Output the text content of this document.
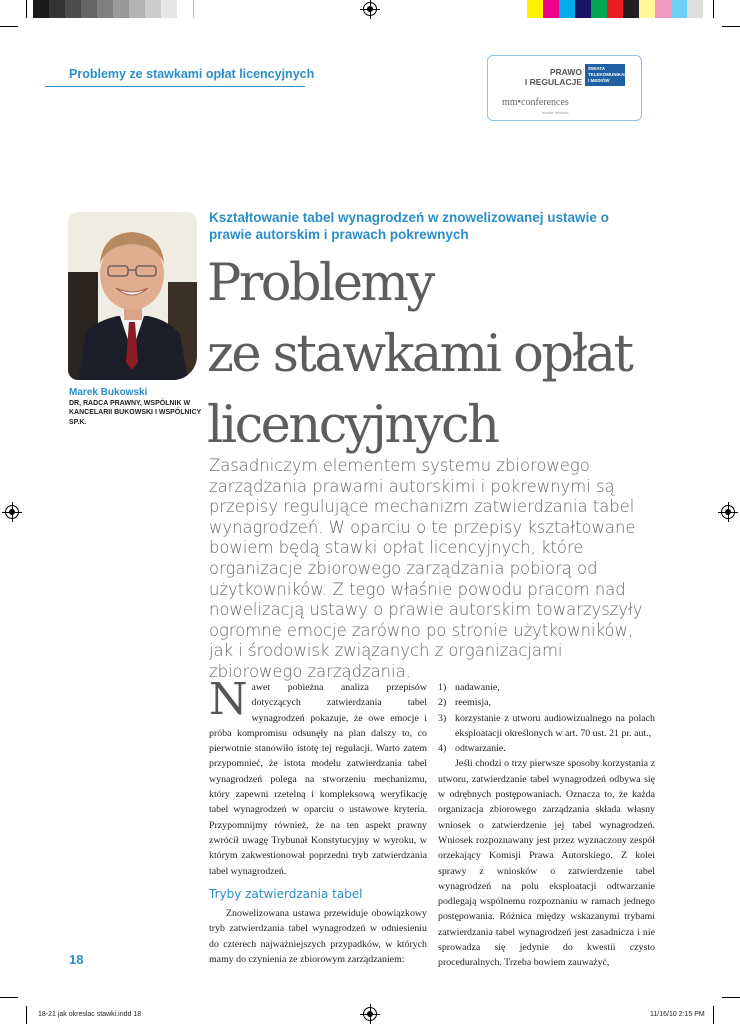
Problemy ze stawkami opłat licencyjnych	PRAWO
I REGULACJE
ŚWIATA TELEKOMUNIKACJI I MEDIÓW
mm•conferences
mobile devices
Marek Bukowski
DR, RADCA PRAWNY, WSPÓLNIK W KANCELARII BUKOWSKI I WSPÓLNICY SP.K.
Kształtowanie tabel wynagrodzeń w znowelizowanej ustawie o prawie autorskim i prawach pokrewnych
Problemy
ze stawkami opłat
licencyjnych
Zasadniczym elementem systemu zbiorowego zarządzania prawami autorskimi i pokrewnymi są przepisy regulujące mechanizm zatwierdzania tabel wynagrodzeń. W oparciu o te przepisy kształtowane bowiem będą stawki opłat licencyjnych, które organizacje zbiorowego zarządzania pobiorą od użytkowników. Z tego właśnie powodu pracom nad nowelizacją ustawy o prawie autorskim towarzyszyły ogromne emocje zarówno po stronie użytkowników, jak i środowisk związanych z organizacjami zbiorowego zarządzania.

Nawet pobieżna analiza przepisów dotyczących zatwierdzania tabel wynagrodzeń pokazuje, że owe emocje i próba kompromisu odsunęły na plan dalszy to, co pierwotnie stanowiło istotę tej regulacji. Warto zatem przypomnieć, że istota modelu zatwierdzania tabel wynagrodzeń polega na stworzeniu mechanizmu, który zapewni rzetelną i kompleksową weryfikację tabel wynagrodzeń w oparciu o ustawowe kryteria. Przypomnijmy również, że na ten aspekt prawny zwrócił uwagę Trybunał Konstytucyjny w wyroku, w którym zakwestionował poprzedni tryb zatwierdzania tabel wynagrodzeń.

Tryby zatwierdzania tabel

Znowelizowana ustawa przewiduje obowiązkowy tryb zatwierdzania tabel wynagrodzeń w odniesieniu do czterech najważniejszych przypadków, w których mamy do czynienia ze zbiorowym zarządzaniem:

1) nadawanie,
2) reemisja,
3) korzystanie z utworu audiowizualnego na polach eksploatacji określonych w art. 70 ust. 21 pr. aut.,
4) odtwarzanie.

Jeśli chodzi o trzy pierwsze sposoby korzystania z utworu, zatwierdzanie tabel wynagrodzeń odbywa się w odrębnych postępowaniach. Oznacza to, że każda organizacja zbiorowego zarządzania składa własny wniosek o zatwierdzenie jej tabel wynagrodzeń. Wniosek rozpoznawany jest przez wyznaczony zespół orzekający Komisji Prawa Autorskiego. Z kolei sprawy z wniosków o zatwierdzenie tabel wynagrodzeń na polu eksploatacji odtwarzanie podlegają wspólnemu rozpoznaniu w ramach jednego postępowania. Różnica między wskazanymi trybami zatwierdzania tabel wynagrodzeń jest zasadnicza i nie sprowadza się jedynie do kwestii czysto proceduralnych. Trzeba bowiem zauważyć,

18
18-21 jak okreslac stawki.indd 18	11/16/10 2:15 PM
